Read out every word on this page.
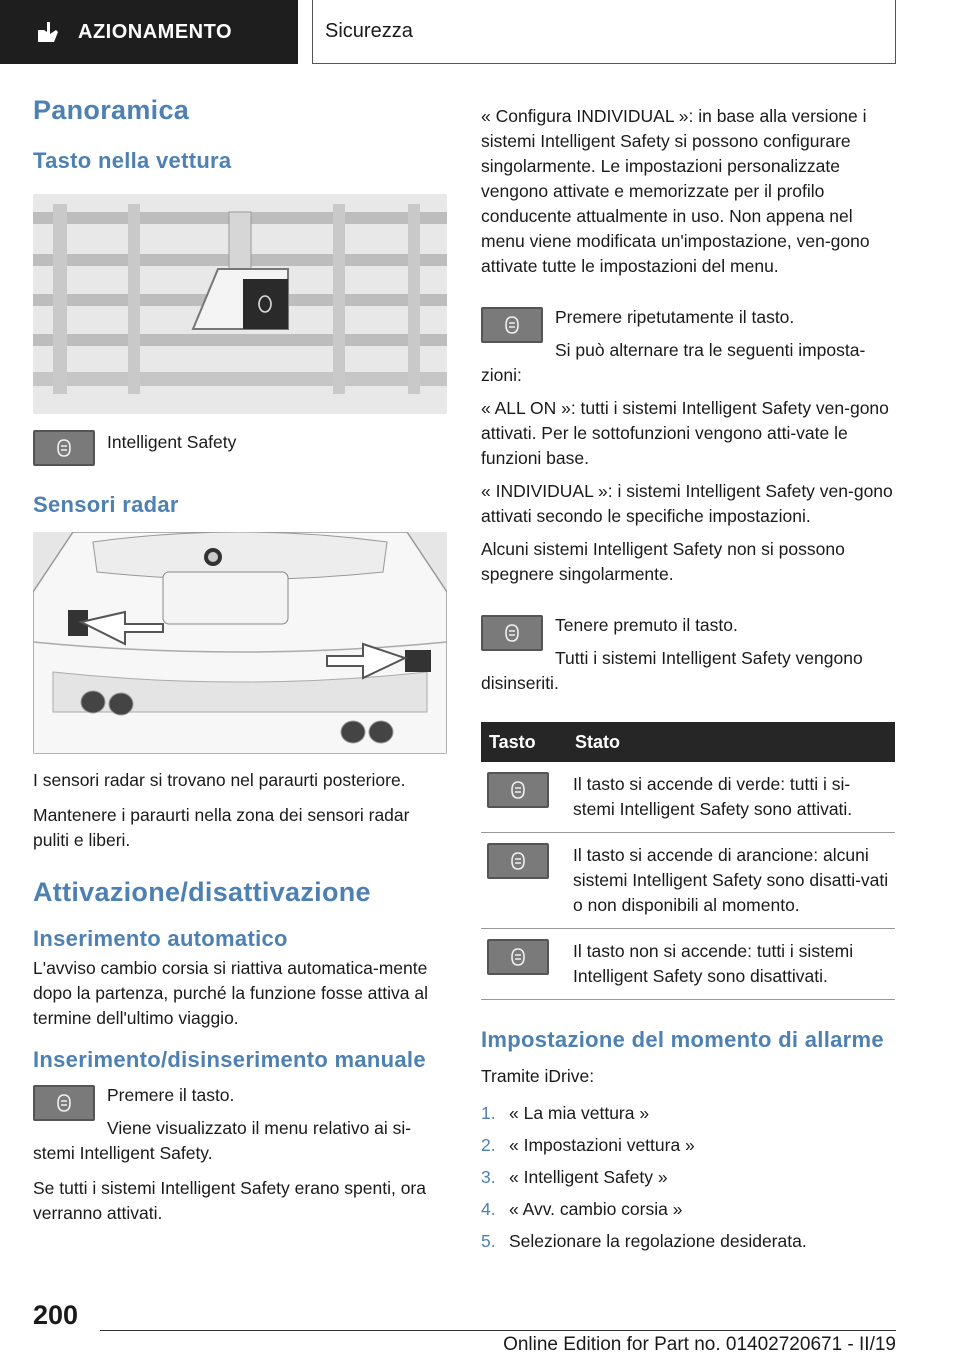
AZIONAMENTO	Sicurezza
Panoramica
Tasto nella vettura

Intelligent Safety

Sensori radar

I sensori radar si trovano nel paraurti posteriore.

Mantenere i paraurti nella zona dei sensori radar puliti e liberi.

Attivazione/disattivazione
Inserimento automatico

L'avviso cambio corsia si riattiva automatica-mente dopo la partenza, purché la funzione fosse attiva al termine dell'ultimo viaggio.

Inserimento/disinserimento manuale

Premere il tasto.

Viene visualizzato il menu relativo ai si-stemi Intelligent Safety.

Se tutti i sistemi Intelligent Safety erano spenti, ora verranno attivati.

« Configura INDIVIDUAL »: in base alla versione i sistemi Intelligent Safety si possono configurare singolarmente. Le impostazioni personalizzate vengono attivate e memorizzate per il profilo conducente attualmente in uso. Non appena nel menu viene modificata un'impostazione, ven-gono attivate tutte le impostazioni del menu.

Premere ripetutamente il tasto.

Si può alternare tra le seguenti imposta-zioni:

« ALL ON »: tutti i sistemi Intelligent Safety ven-gono attivati. Per le sottofunzioni vengono atti-vate le funzioni base.

« INDIVIDUAL »: i sistemi Intelligent Safety ven-gono attivati secondo le specifiche impostazioni.

Alcuni sistemi Intelligent Safety non si possono spegnere singolarmente.

Tenere premuto il tasto.

Tutti i sistemi Intelligent Safety vengono disinseriti.

Tasto	Stato

	Il tasto si accende di verde: tutti i si-stemi Intelligent Safety sono attivati.

	Il tasto si accende di arancione: alcuni sistemi Intelligent Safety sono disatti-vati o non disponibili al momento.

	Il tasto non si accende: tutti i sistemi Intelligent Safety sono disattivati.
Impostazione del momento di allarme

Tramite iDrive:

1. « La mia vettura »
2. « Impostazioni vettura »
3. « Intelligent Safety »
4. « Avv. cambio corsia »
5. Selezionare la regolazione desiderata.
200
Online Edition for Part no. 01402720671 - II/19
